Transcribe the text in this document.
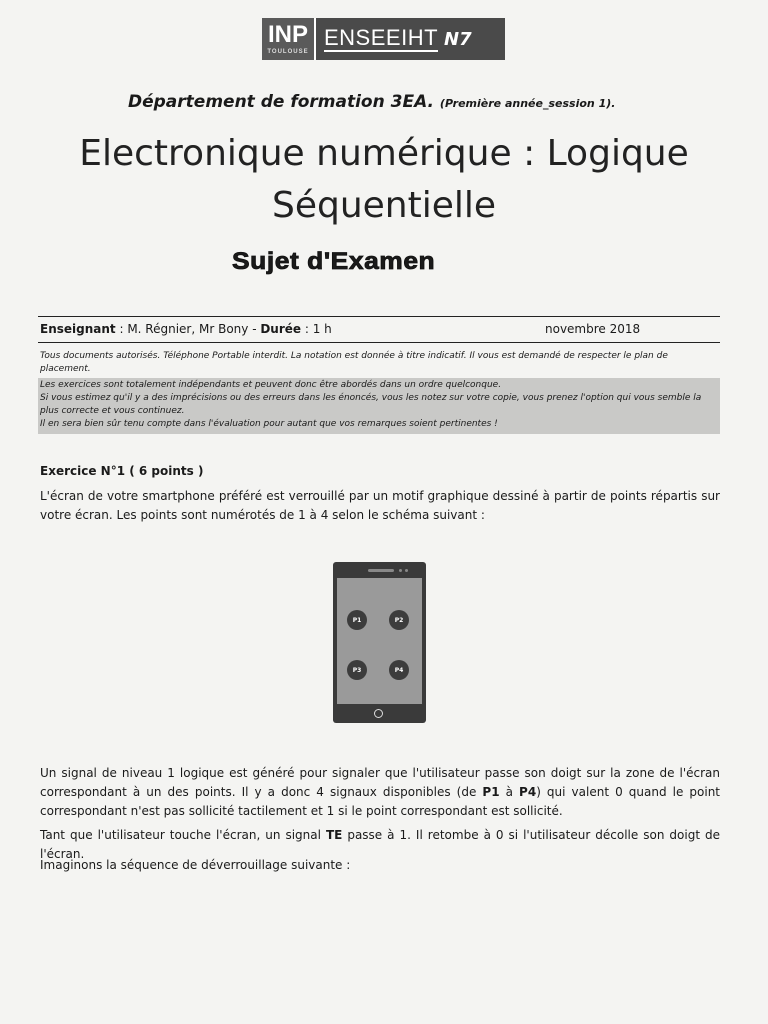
INP
TOULOUSE
ENSEEIHT N7
Département de formation 3EA. (Première année_session 1).
Electronique numérique : Logique
Séquentielle
Sujet d'Examen
Enseignant : M. Régnier, Mr Bony - Durée : 1 h	novembre 2018
Tous documents autorisés. Téléphone Portable interdit. La notation est donnée à titre indicatif. Il vous est demandé de respecter le plan de placement.
Les exercices sont totalement indépendants et peuvent donc être abordés dans un ordre quelconque.
Si vous estimez qu'il y a des imprécisions ou des erreurs dans les énoncés, vous les notez sur votre copie, vous prenez l'option qui vous semble la plus correcte et vous continuez.
Il en sera bien sûr tenu compte dans l'évaluation pour autant que vos remarques soient pertinentes !
Exercice N°1 ( 6 points )
L'écran de votre smartphone préféré est verrouillé par un motif graphique dessiné à partir de points répartis sur votre écran. Les points sont numérotés de 1 à 4 selon le schéma suivant :
P1	P2
P3	P4
Un signal de niveau 1 logique est généré pour signaler que l'utilisateur passe son doigt sur la zone de l'écran correspondant à un des points. Il y a donc 4 signaux disponibles (de P1 à P4) qui valent 0 quand le point correspondant n'est pas sollicité tactilement et 1 si le point correspondant est sollicité.
Tant que l'utilisateur touche l'écran, un signal TE passe à 1. Il retombe à 0 si l'utilisateur décolle son doigt de l'écran.
Imaginons la séquence de déverrouillage suivante :
